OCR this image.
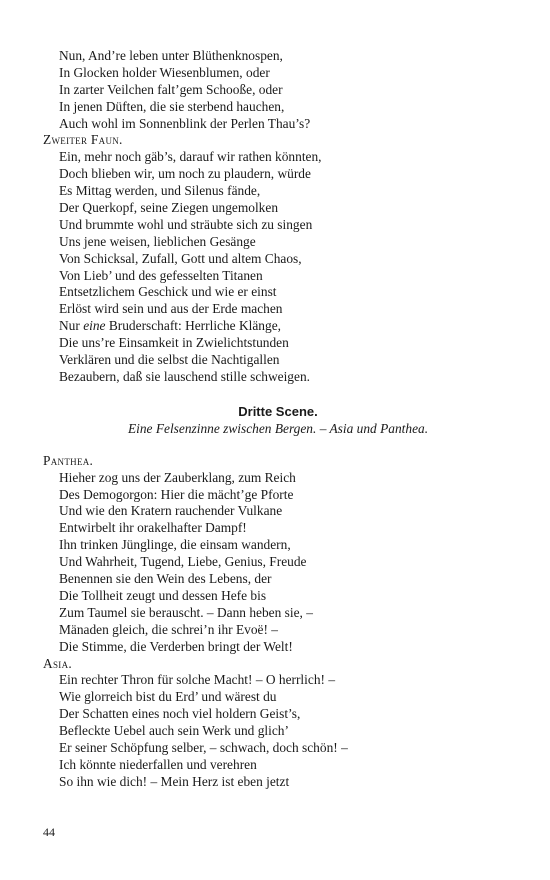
Nun, And’re leben unter Blüthenknospen,
In Glocken holder Wiesenblumen, oder
In zarter Veilchen falt’gem Schooße, oder
In jenen Düften, die sie sterbend hauchen,
Auch wohl im Sonnenblink der Perlen Thau’s?
Zweiter Faun.
Ein, mehr noch gäb’s, darauf wir rathen könnten,
Doch blieben wir, um noch zu plaudern, würde
Es Mittag werden, und Silenus fände,
Der Querkopf, seine Ziegen ungemolken
Und brummte wohl und sträubte sich zu singen
Uns jene weisen, lieblichen Gesänge
Von Schicksal, Zufall, Gott und altem Chaos,
Von Lieb’ und des gefesselten Titanen
Entsetzlichem Geschick und wie er einst
Erlöst wird sein und aus der Erde machen
Nur eine Bruderschaft: Herrliche Klänge,
Die uns’re Einsamkeit in Zwielichtstunden
Verklären und die selbst die Nachtigallen
Bezaubern, daß sie lauschend stille schweigen.
Dritte Scene.
Eine Felsenzinne zwischen Bergen. – Asia und Panthea.
Panthea.
Hieher zog uns der Zauberklang, zum Reich
Des Demogorgon: Hier die mächt’ge Pforte
Und wie den Kratern rauchender Vulkane
Entwirbelt ihr orakelhafter Dampf!
Ihn trinken Jünglinge, die einsam wandern,
Und Wahrheit, Tugend, Liebe, Genius, Freude
Benennen sie den Wein des Lebens, der
Die Tollheit zeugt und dessen Hefe bis
Zum Taumel sie berauscht. – Dann heben sie, –
Mänaden gleich, die schrei’n ihr Evoë! –
Die Stimme, die Verderben bringt der Welt!
Asia.
Ein rechter Thron für solche Macht! – O herrlich! –
Wie glorreich bist du Erd’ und wärest du
Der Schatten eines noch viel holdern Geist’s,
Befleckte Uebel auch sein Werk und glich’
Er seiner Schöpfung selber, – schwach, doch schön! –
Ich könnte niederfallen und verehren
So ihn wie dich! – Mein Herz ist eben jetzt
44
